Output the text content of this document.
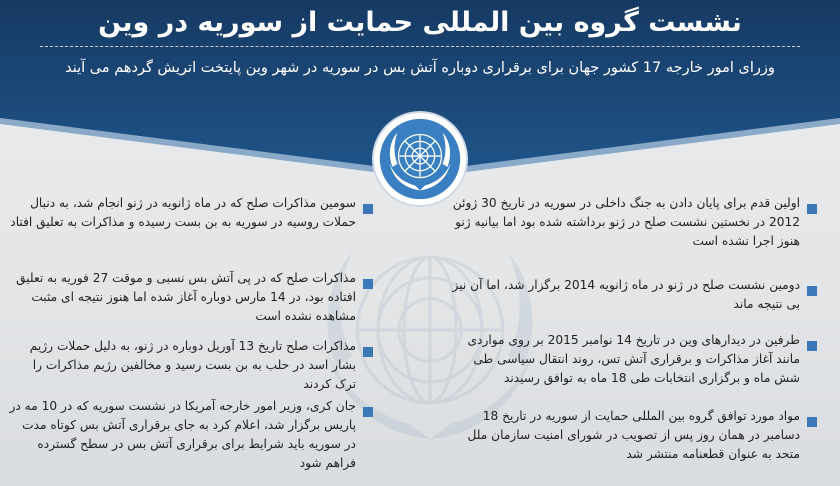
نشست گروه بین المللی حمایت از سوریه در وین
وزرای امور خارجه 17 کشور جهان برای برقراری دوباره آتش بس در سوریه در شهر وین پایتخت اتریش گردهم می آیند
اولین قدم برای پایان دادن به جنگ داخلی در سوریه در تاریخ 30 ژوئن 2012 در نخستین نشست صلح در ژنو برداشته شده بود اما بیانیه ژنو هنوز اجرا نشده است
دومین نشست صلح در ژنو در ماه ژانویه 2014 برگزار شد، اما آن نیز بی نتیجه ماند
طرفین در دیدارهای وین در تاریخ 14 نوامبر 2015 بر روی مواردی مانند آغاز مذاکرات و برقراری آتش تس، روند انتقال سیاسی طی شش ماه و برگزاری انتخابات طی 18 ماه به توافق رسیدند
مواد مورد توافق گروه بین المللی حمایت از سوریه در تاریخ 18 دسامبر در همان روز پس از تصویب در شورای امنیت سازمان ملل متحد به عنوان قطعنامه منتشر شد
سومین مذاکرات صلح که در ماه ژانویه در ژنو انجام شد، به دنبال حملات روسیه در سوریه به بن بست رسیده و مذاکرات به تعلیق افتاد
مذاکرات صلح که در پی آتش بس نسبی و موقت 27 فوریه به تعلیق افتاده بود، در 14 مارس دوباره آغاز شده اما هنوز نتیجه ای مثبت مشاهده نشده است
مذاکرات صلح تاریخ 13 آوریل دوباره در ژنو، به دلیل حملات رژیم بشار اسد در حلب به بن بست رسید و مخالفین رژیم مذاکرات را ترک کردند
جان کری، وزیر امور خارجه آمریکا در نشست سوریه که در 10 مه در پاریس برگزار شد، اعلام کرد به جای برقراری آتش بس کوتاه مدت در سوریه باید شرایط برای برقراری آتش بس در سطح گسترده فراهم شود
